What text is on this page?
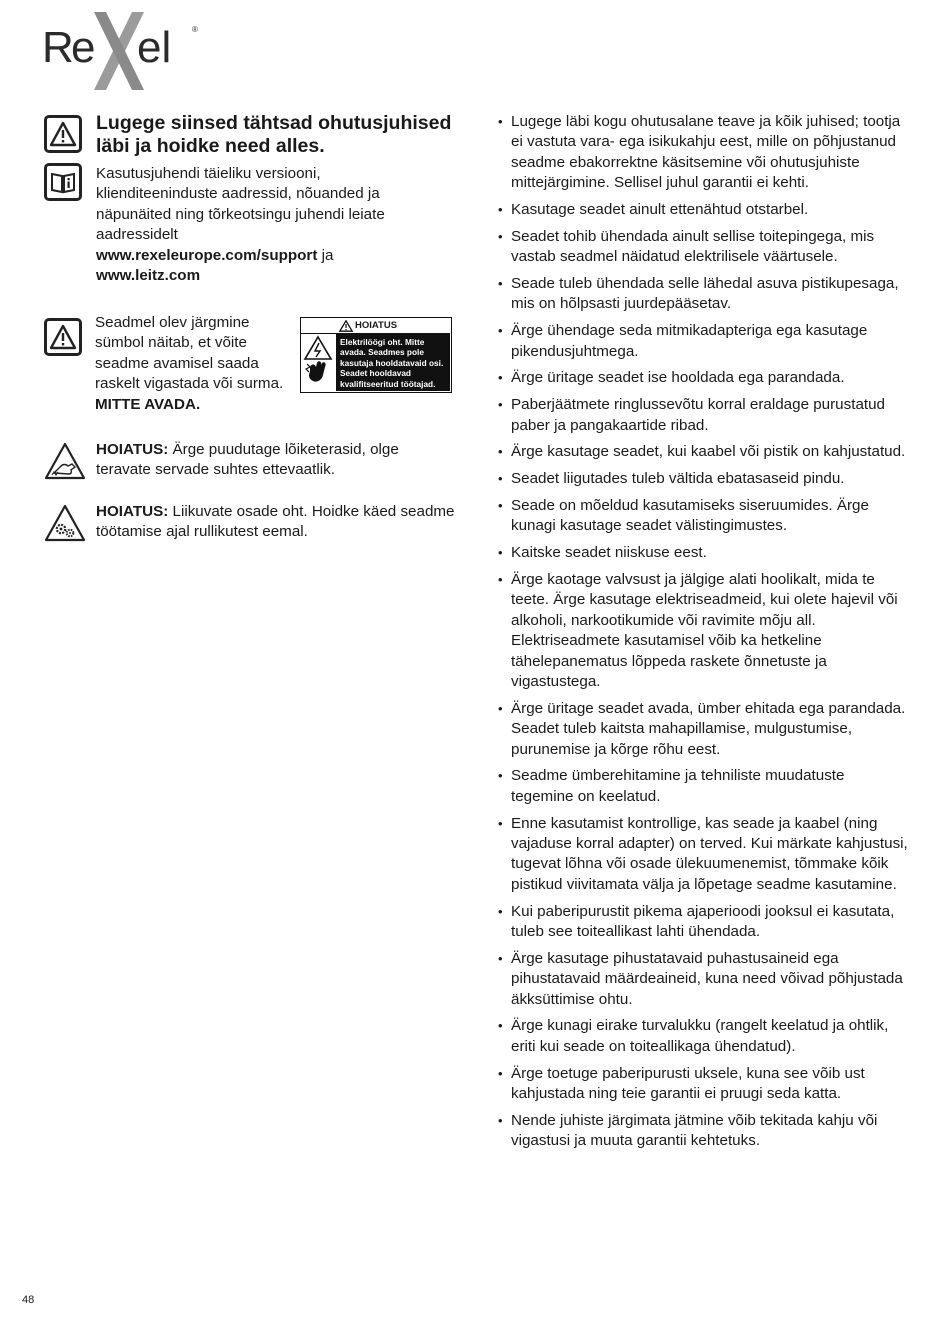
R
e el	®
Lugege siinsed tähtsad ohutusjuhised läbi ja hoidke need alles.
Kasutusjuhendi täieliku versiooni, klienditeeninduste aadressid, nõuanded ja näpunäited ning tõrkeotsingu juhendi leiate aadressidelt
www.rexeleurope.com/support ja
www.leitz.com
Seadmel olev järgmine sümbol näitab, et võite seadme avamisel saada raskelt vigastada või surma. MITTE AVADA.
HOIATUS
Elektrilöögi oht. Mitte avada. Seadmes pole kasutaja hooldatavaid osi. Seadet hooldavad kvalifitseeritud töötajad.
HOIATUS: Ärge puudutage lõiketerasid, olge teravate servade suhtes ettevaatlik.
HOIATUS: Liikuvate osade oht. Hoidke käed seadme töötamise ajal rullikutest eemal.
• Lugege läbi kogu ohutusalane teave ja kõik juhised; tootja ei vastuta vara- ega isikukahju eest, mille on põhjustanud seadme ebakorrektne käsitsemine või ohutusjuhiste mittejärgimine. Sellisel juhul garantii ei kehti.
• Kasutage seadet ainult ettenähtud otstarbel.
• Seadet tohib ühendada ainult sellise toitepingega, mis vastab seadmel näidatud elektrilisele väärtusele.
• Seade tuleb ühendada selle lähedal asuva pistikupesaga, mis on hõlpsasti juurdepääsetav.
• Ärge ühendage seda mitmikadapteriga ega kasutage pikendusjuhtmega.
• Ärge üritage seadet ise hooldada ega parandada.
• Paberjäätmete ringlussevõtu korral eraldage purustatud paber ja pangakaartide ribad.
• Ärge kasutage seadet, kui kaabel või pistik on kahjustatud.
• Seadet liigutades tuleb vältida ebatasaseid pindu.
• Seade on mõeldud kasutamiseks siseruumides. Ärge kunagi kasutage seadet välistingimustes.
• Kaitske seadet niiskuse eest.
• Ärge kaotage valvsust ja jälgige alati hoolikalt, mida te teete. Ärge kasutage elektriseadmeid, kui olete hajevil või alkoholi, narkootikumide või ravimite mõju all. Elektriseadmete kasutamisel võib ka hetkeline tähelepanematus lõppeda raskete õnnetuste ja vigastustega.
• Ärge üritage seadet avada, ümber ehitada ega parandada. Seadet tuleb kaitsta mahapillamise, mulgustumise, purunemise ja kõrge rõhu eest.
• Seadme ümberehitamine ja tehniliste muudatuste tegemine on keelatud.
• Enne kasutamist kontrollige, kas seade ja kaabel (ning vajaduse korral adapter) on terved. Kui märkate kahjustusi, tugevat lõhna või osade ülekuumenemist, tõmmake kõik pistikud viivitamata välja ja lõpetage seadme kasutamine.
• Kui paberipurustit pikema ajaperioodi jooksul ei kasutata, tuleb see toiteallikast lahti ühendada.
• Ärge kasutage pihustatavaid puhastusaineid ega pihustatavaid määrdeaineid, kuna need võivad põhjustada äkksüttimise ohtu.
• Ärge kunagi eirake turvalukku (rangelt keelatud ja ohtlik, eriti kui seade on toiteallikaga ühendatud).
• Ärge toetuge paberipurusti uksele, kuna see võib ust kahjustada ning teie garantii ei pruugi seda katta.
• Nende juhiste järgimata jätmine võib tekitada kahju või vigastusi ja muuta garantii kehtetuks.
48
